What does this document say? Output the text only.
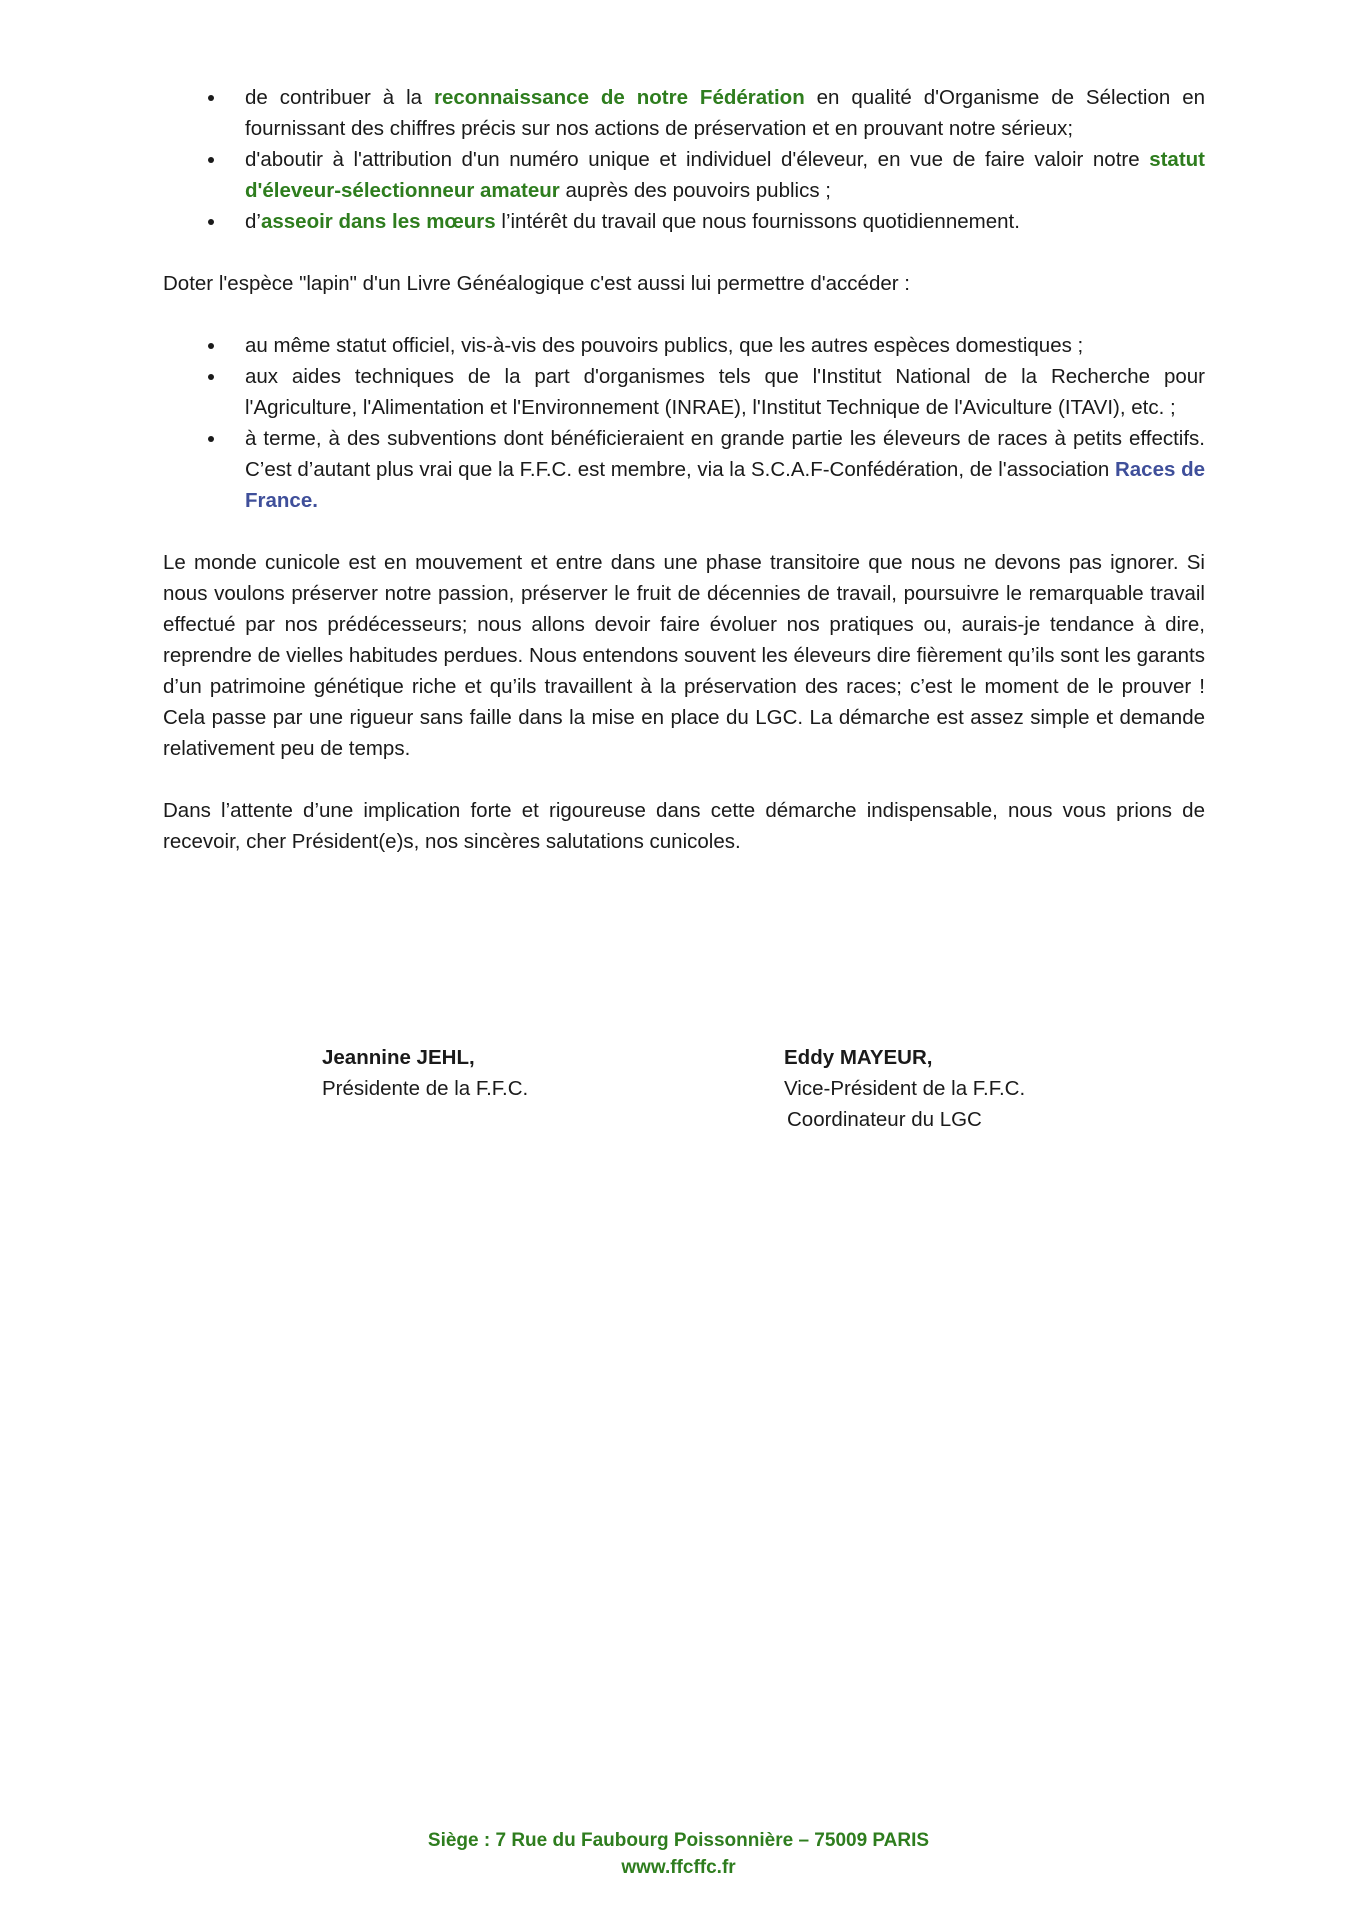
de contribuer à la reconnaissance de notre Fédération en qualité d'Organisme de Sélection en fournissant des chiffres précis sur nos actions de préservation et en prouvant notre sérieux;
d'aboutir à l'attribution d'un numéro unique et individuel d'éleveur, en vue de faire valoir notre statut d'éleveur-sélectionneur amateur auprès des pouvoirs publics ;
d’asseoir dans les mœurs l’intérêt du travail que nous fournissons quotidiennement.

Doter l'espèce "lapin" d'un Livre Généalogique c'est aussi lui permettre d'accéder :

au même statut officiel, vis-à-vis des pouvoirs publics, que les autres espèces domestiques ;
aux aides techniques de la part d'organismes tels que l'Institut National de la Recherche pour l'Agriculture, l'Alimentation et l'Environnement (INRAE), l'Institut Technique de l'Aviculture (ITAVI), etc. ;
à terme, à des subventions dont bénéficieraient en grande partie les éleveurs de races à petits effectifs. C’est d’autant plus vrai que la F.F.C. est membre, via la S.C.A.F-Confédération, de l'association Races de France.

Le monde cunicole est en mouvement et entre dans une phase transitoire que nous ne devons pas ignorer. Si nous voulons préserver notre passion, préserver le fruit de décennies de travail, poursuivre le remarquable travail effectué par nos prédécesseurs; nous allons devoir faire évoluer nos pratiques ou, aurais-je tendance à dire, reprendre de vielles habitudes perdues. Nous entendons souvent les éleveurs dire fièrement qu’ils sont les garants d’un patrimoine génétique riche et qu’ils travaillent à la préservation des races; c’est le moment de le prouver ! Cela passe par une rigueur sans faille dans la mise en place du LGC. La démarche est assez simple et demande relativement peu de temps.

Dans l’attente d’une implication forte et rigoureuse dans cette démarche indispensable, nous vous prions de recevoir, cher Président(e)s, nos sincères salutations cunicoles.

Jeannine JEHL,
Présidente de la F.F.C.
Eddy MAYEUR,
Vice-Président de la F.F.C.
Coordinateur du LGC
Siège : 7 Rue du Faubourg Poissonnière – 75009 PARIS
www.ffcffc.fr
